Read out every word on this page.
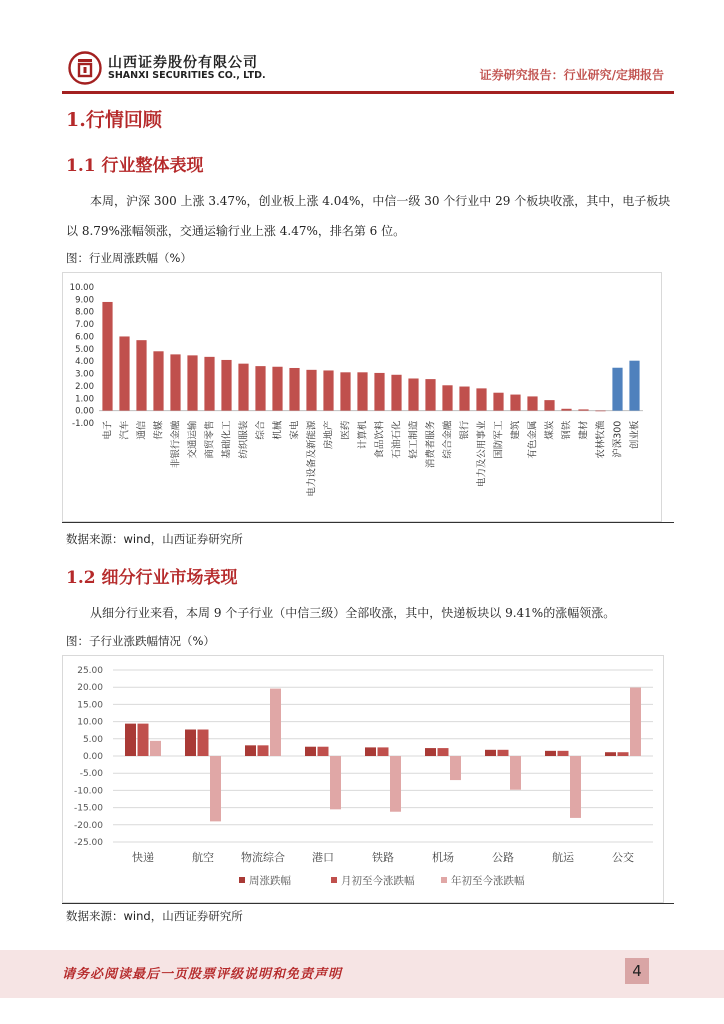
山西证券股份有限公司
SHANXI SECURITIES CO., LTD.	证券研究报告：行业研究/定期报告
1.行情回顾
1.1 行业整体表现
本周，沪深 300 上涨 3.47%，创业板上涨 4.04%，中信一级 30 个行业中 29 个板块收涨，其中，电子板块以 8.79%涨幅领涨，交通运输行业上涨 4.47%，排名第 6 位。
图：行业周涨跌幅（%）
10.00
9.00
8.00
7.00
6.00
5.00
4.00
3.00
2.00
1.00
0.00
-1.00 电子 汽车 通信 传媒 非银行金融 交通运输 商贸零售 基础化工 纺织服装 综合 机械 家电 电力设备及新能源 房地产 医药 计算机 食品饮料 石油石化 轻工制造 消费者服务 综合金融 银行 电力及公用事业 国防军工 建筑 有色金属 煤炭 钢铁 建材 农林牧渔 沪深300 创业板
数据来源：wind，山西证券研究所
1.2 细分行业市场表现
从细分行业来看，本周 9 个子行业（中信三级）全部收涨，其中，快递板块以 9.41%的涨幅领涨。
图：子行业涨跌幅情况（%）
25.00
20.00
15.00
10.00
5.00
0.00
-5.00
-10.00
-15.00
-20.00
-25.00
快递	航空 物流综合 港口	铁路	机场	公路	航运	公交
周涨跌幅	月初至今涨跌幅	年初至今涨跌幅
数据来源：wind，山西证券研究所
请务必阅读最后一页股票评级说明和免责声明	4
